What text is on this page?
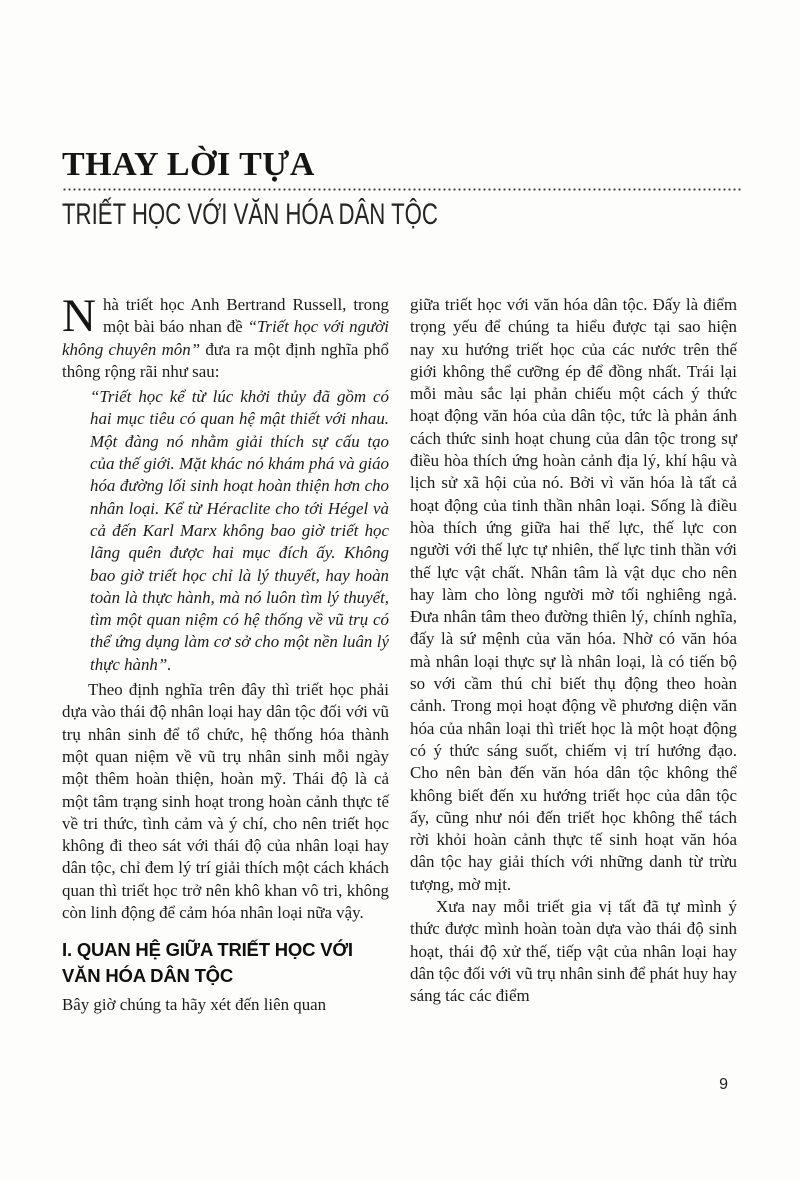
THAY LỜI TỰA
TRIẾT HỌC VỚI VĂN HÓA DÂN TỘC

Nhà triết học Anh Bertrand Russell, trong một bài báo nhan đề “Triết học với người không chuyên môn” đưa ra một định nghĩa phổ thông rộng rãi như sau:

“Triết học kể từ lúc khởi thủy đã gồm có hai mục tiêu có quan hệ mật thiết với nhau. Một đàng nó nhằm giải thích sự cấu tạo của thế giới. Mặt khác nó khám phá và giáo hóa đường lối sinh hoạt hoàn thiện hơn cho nhân loại. Kể từ Héraclite cho tới Hégel và cả đến Karl Marx không bao giờ triết học lãng quên được hai mục đích ấy. Không bao giờ triết học chỉ là lý thuyết, hay hoàn toàn là thực hành, mà nó luôn tìm lý thuyết, tìm một quan niệm có hệ thống về vũ trụ có thể ứng dụng làm cơ sở cho một nền luân lý thực hành”.

Theo định nghĩa trên đây thì triết học phải dựa vào thái độ nhân loại hay dân tộc đối với vũ trụ nhân sinh để tổ chức, hệ thống hóa thành một quan niệm về vũ trụ nhân sinh mỗi ngày một thêm hoàn thiện, hoàn mỹ. Thái độ là cả một tâm trạng sinh hoạt trong hoàn cảnh thực tế về tri thức, tình cảm và ý chí, cho nên triết học không đi theo sát với thái độ của nhân loại hay dân tộc, chỉ đem lý trí giải thích một cách khách quan thì triết học trở nên khô khan vô tri, không còn linh động để cảm hóa nhân loại nữa vậy.

I. QUAN HỆ GIỮA TRIẾT HỌC VỚI VĂN HÓA DÂN TỘC

Bây giờ chúng ta hãy xét đến liên quan

giữa triết học với văn hóa dân tộc. Đấy là điểm trọng yếu để chúng ta hiểu được tại sao hiện nay xu hướng triết học của các nước trên thế giới không thể cưỡng ép để đồng nhất. Trái lại mỗi màu sắc lại phản chiếu một cách ý thức hoạt động văn hóa của dân tộc, tức là phản ánh cách thức sinh hoạt chung của dân tộc trong sự điều hòa thích ứng hoàn cảnh địa lý, khí hậu và lịch sử xã hội của nó. Bởi vì văn hóa là tất cả hoạt động của tinh thần nhân loại. Sống là điều hòa thích ứng giữa hai thế lực, thế lực con người với thế lực tự nhiên, thế lực tinh thần với thế lực vật chất. Nhân tâm là vật dục cho nên hay làm cho lòng người mờ tối nghiêng ngả. Đưa nhân tâm theo đường thiên lý, chính nghĩa, đấy là sứ mệnh của văn hóa. Nhờ có văn hóa mà nhân loại thực sự là nhân loại, là có tiến bộ so với cầm thú chỉ biết thụ động theo hoàn cảnh. Trong mọi hoạt động về phương diện văn hóa của nhân loại thì triết học là một hoạt động có ý thức sáng suốt, chiếm vị trí hướng đạo. Cho nên bàn đến văn hóa dân tộc không thể không biết đến xu hướng triết học của dân tộc ấy, cũng như nói đến triết học không thể tách rời khỏi hoàn cảnh thực tế sinh hoạt văn hóa dân tộc hay giải thích với những danh từ trừu tượng, mờ mịt.

Xưa nay mỗi triết gia vị tất đã tự mình ý thức được mình hoàn toàn dựa vào thái độ sinh hoạt, thái độ xử thế, tiếp vật của nhân loại hay dân tộc đối với vũ trụ nhân sinh để phát huy hay sáng tác các điểm

9
